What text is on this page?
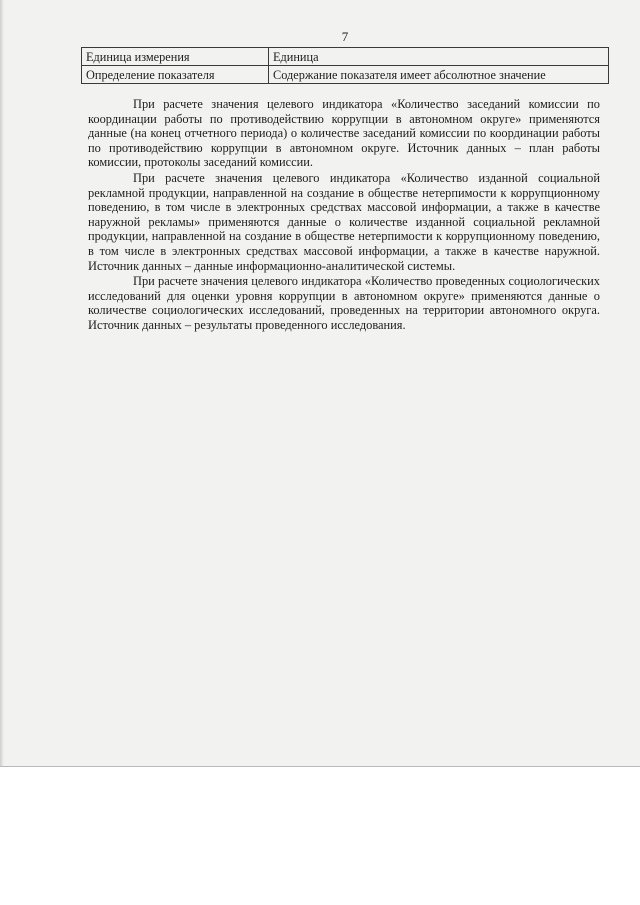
7
Единица измерения	Единица
Определение показателя	Содержание показателя имеет абсолютное значение

При расчете значения целевого индикатора «Количество заседаний комиссии по координации работы по противодействию коррупции в автономном округе» применяются данные (на конец отчетного периода) о количестве заседаний комиссии по координации работы по противодействию коррупции в автономном округе. Источник данных – план работы комиссии, протоколы заседаний комиссии.

При расчете значения целевого индикатора «Количество изданной социальной рекламной продукции, направленной на создание в обществе нетерпимости к коррупционному поведению, в том числе в электронных средствах массовой информации, а также в качестве наружной рекламы» применяются данные о количестве изданной социальной рекламной продукции, направленной на создание в обществе нетерпимости к коррупционному поведению, в том числе в электронных средствах массовой информации, а также в качестве наружной. Источник данных – данные информационно-аналитической системы.

При расчете значения целевого индикатора «Количество проведенных социологических исследований для оценки уровня коррупции в автономном округе» применяются данные о количестве социологических исследований, проведенных на территории автономного округа. Источник данных – результаты проведенного исследования.
